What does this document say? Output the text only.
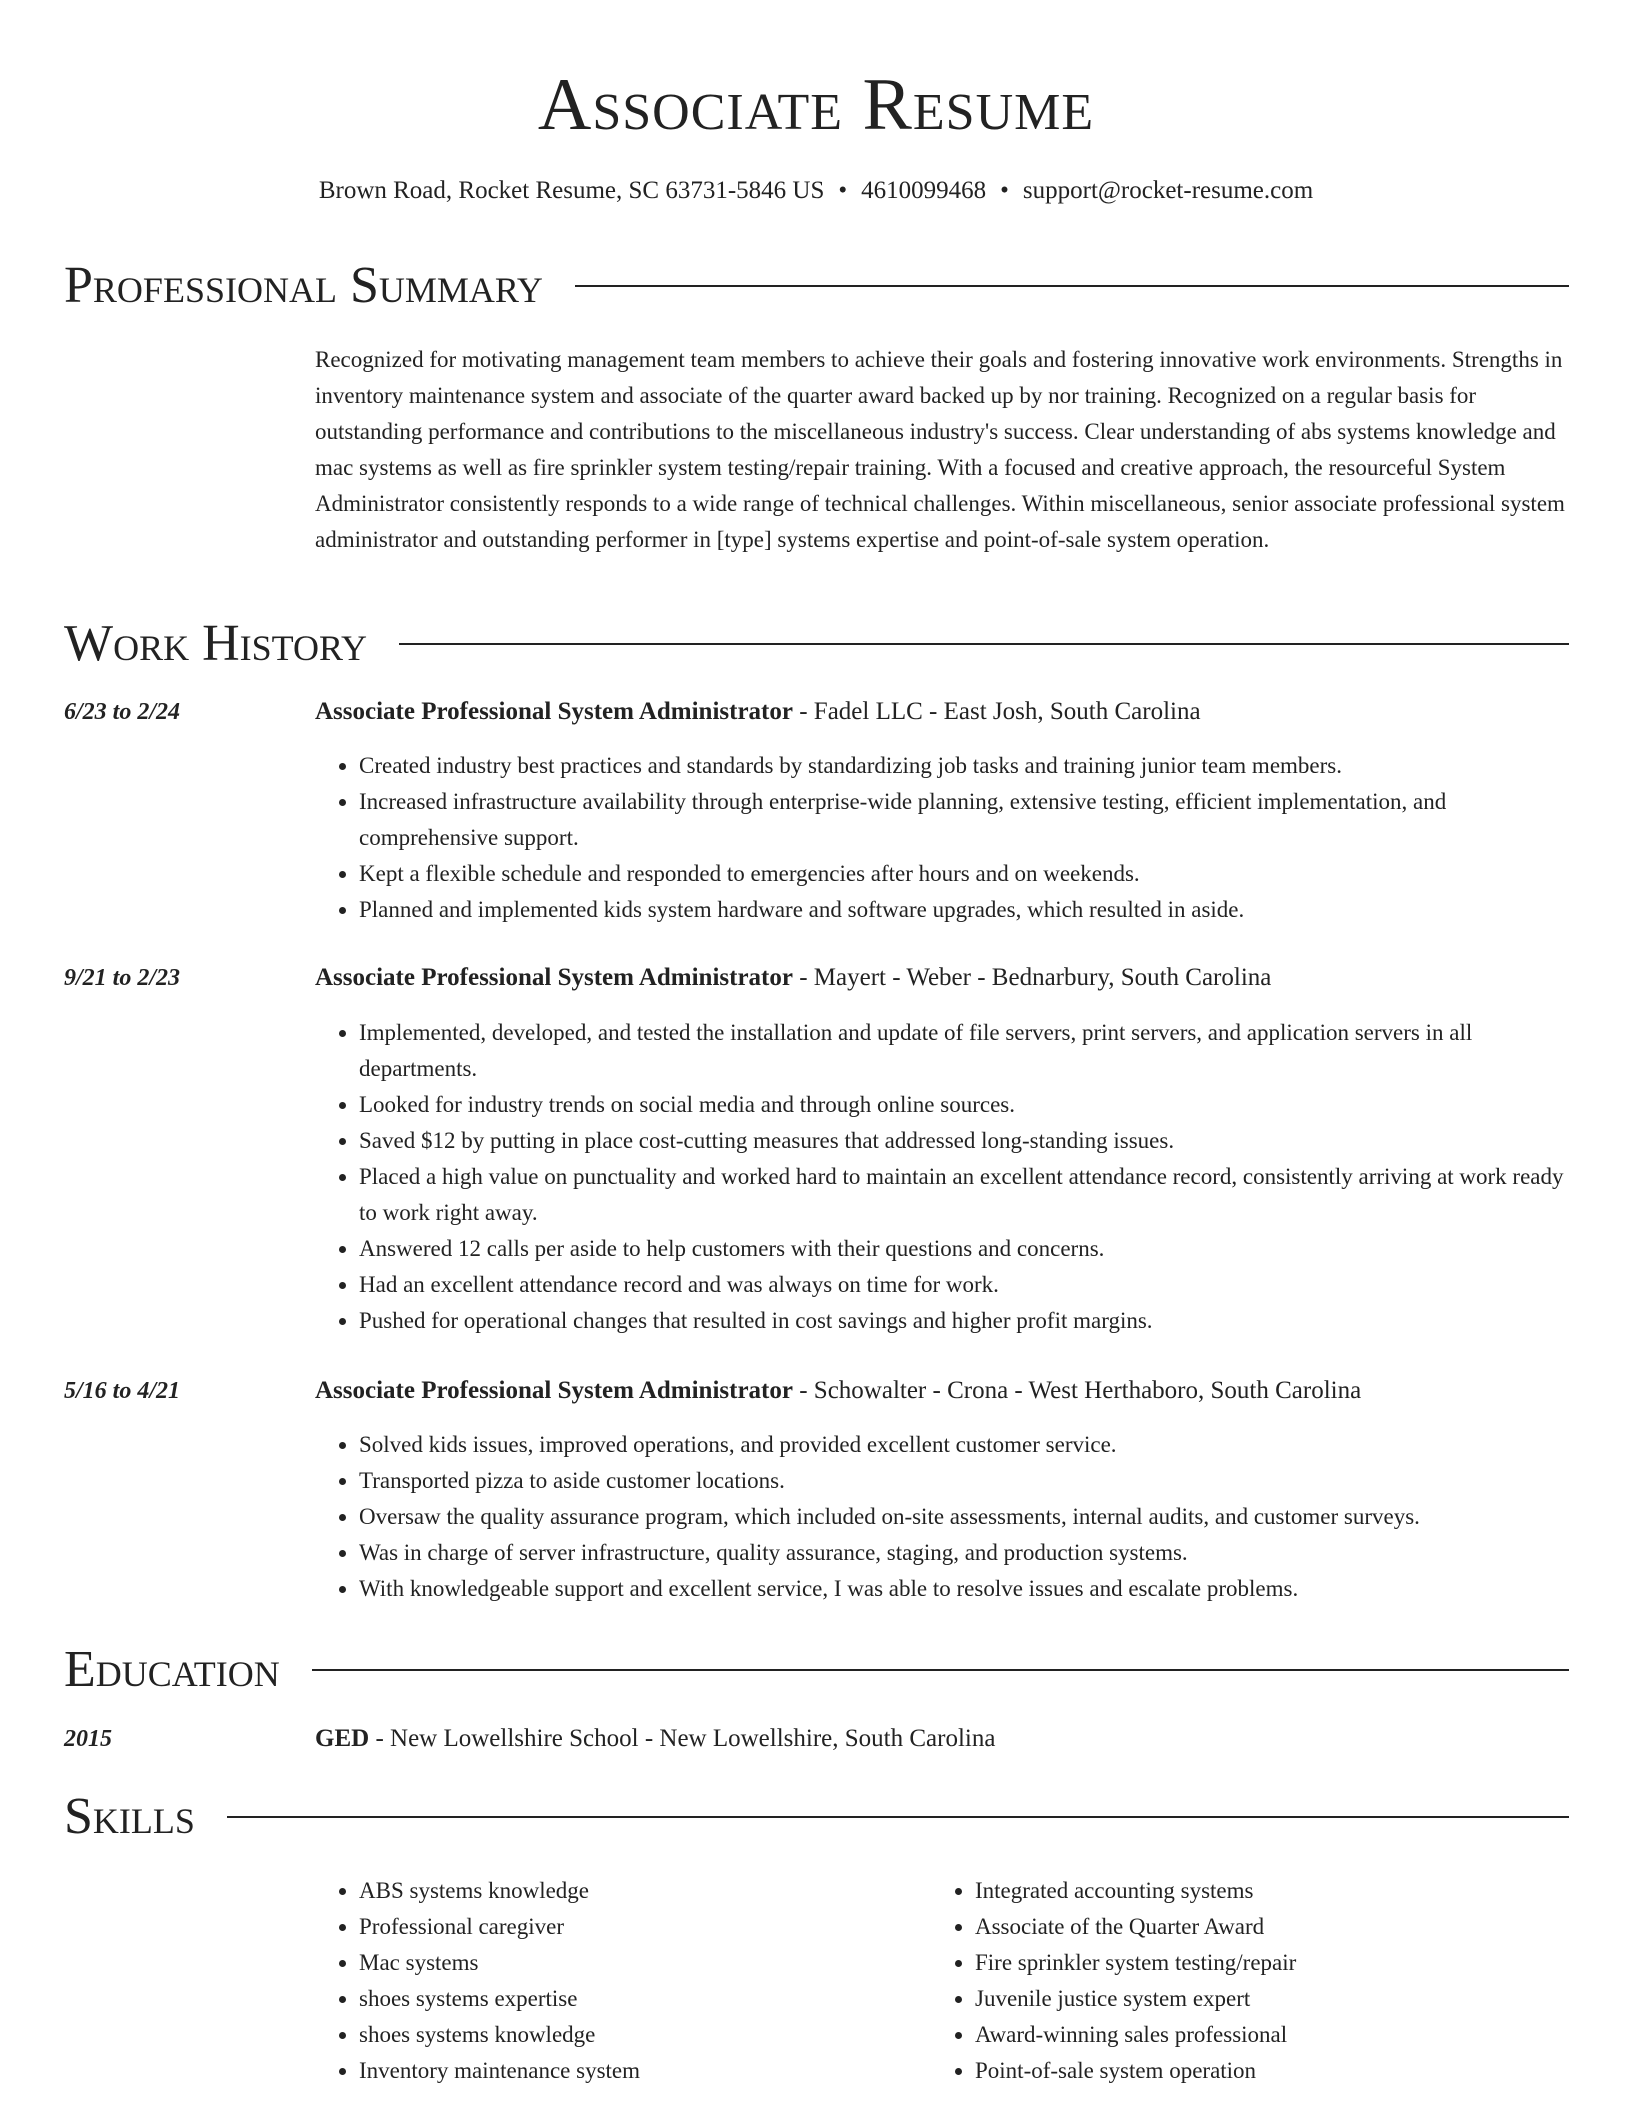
Associate Resume
Brown Road, Rocket Resume, SC 63731-5846 US • 4610099468 • support@rocket-resume.com
Professional Summary
Recognized for motivating management team members to achieve their goals and fostering innovative work environments. Strengths in inventory maintenance system and associate of the quarter award backed up by nor training. Recognized on a regular basis for outstanding performance and contributions to the miscellaneous industry's success. Clear understanding of abs systems knowledge and mac systems as well as fire sprinkler system testing/repair training. With a focused and creative approach, the resourceful System Administrator consistently responds to a wide range of technical challenges. Within miscellaneous, senior associate professional system administrator and outstanding performer in [type] systems expertise and point-of-sale system operation.
Work History
6/23 to 2/24	Associate Professional System Administrator - Fadel LLC - East Josh, South Carolina
• Created industry best practices and standards by standardizing job tasks and training junior team members.
• Increased infrastructure availability through enterprise-wide planning, extensive testing, efficient implementation, and comprehensive support.
• Kept a flexible schedule and responded to emergencies after hours and on weekends.
• Planned and implemented kids system hardware and software upgrades, which resulted in aside.
9/21 to 2/23	Associate Professional System Administrator - Mayert - Weber - Bednarbury, South Carolina
• Implemented, developed, and tested the installation and update of file servers, print servers, and application servers in all departments.
• Looked for industry trends on social media and through online sources.
• Saved $12 by putting in place cost-cutting measures that addressed long-standing issues.
• Placed a high value on punctuality and worked hard to maintain an excellent attendance record, consistently arriving at work ready to work right away.
• Answered 12 calls per aside to help customers with their questions and concerns.
• Had an excellent attendance record and was always on time for work.
• Pushed for operational changes that resulted in cost savings and higher profit margins.
5/16 to 4/21	Associate Professional System Administrator - Schowalter - Crona - West Herthaboro, South Carolina
• Solved kids issues, improved operations, and provided excellent customer service.
• Transported pizza to aside customer locations.
• Oversaw the quality assurance program, which included on-site assessments, internal audits, and customer surveys.
• Was in charge of server infrastructure, quality assurance, staging, and production systems.
• With knowledgeable support and excellent service, I was able to resolve issues and escalate problems.
Education
2015	GED - New Lowellshire School - New Lowellshire, South Carolina
Skills
• ABS systems knowledge
• Professional caregiver
• Mac systems
• shoes systems expertise
• shoes systems knowledge
• Inventory maintenance system
• Integrated accounting systems
• Associate of the Quarter Award
• Fire sprinkler system testing/repair
• Juvenile justice system expert
• Award-winning sales professional
• Point-of-sale system operation
